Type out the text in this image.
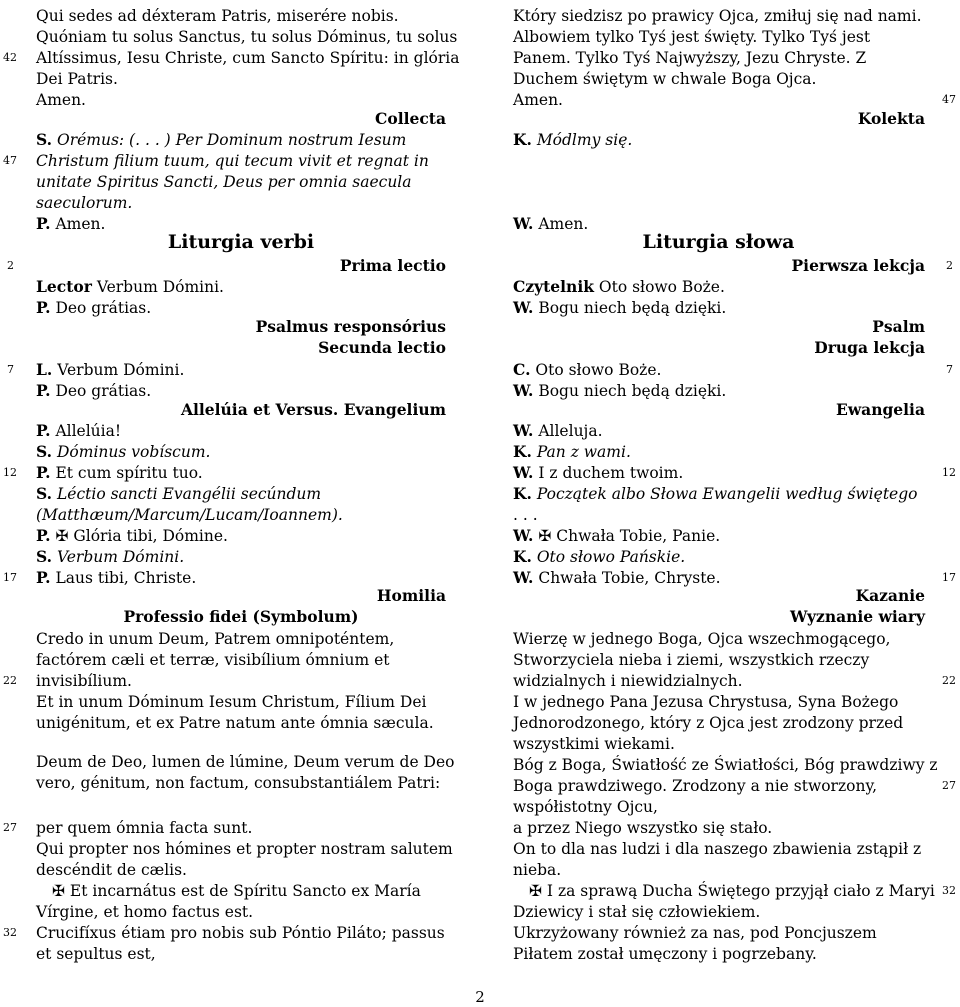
Qui sedes ad déxteram Patris, miserére nobis.
Quóniam tu solus Sanctus, tu solus Dóminus, tu solus
Altíssimus, Iesu Christe, cum Sancto Spíritu: in glória
Dei Patris.
Amen.
Collecta
S. Orémus: (. . . ) Per Dominum nostrum Iesum
Christum filium tuum, qui tecum vivit et regnat in
unitate Spiritus Sancti, Deus per omnia saecula
saeculorum.
P. Amen.
Liturgia verbi
Prima lectio
Lector Verbum Dómini.
P. Deo grátias.
Psalmus responsórius
Secunda lectio
L. Verbum Dómini.
P. Deo grátias.
Allelúia et Versus. Evangelium
P. Allelúia!
S. Dóminus vobíscum.
P. Et cum spíritu tuo.
S. Léctio sancti Evangélii secúndum
(Matthæum/Marcum/Lucam/Ioannem).
P. ✠ Glória tibi, Dómine.
S. Verbum Dómini.
P. Laus tibi, Christe.
Homilia
Professio fidei (Symbolum)
Credo in unum Deum, Patrem omnipoténtem,
factórem cæli et terræ, visibílium ómnium et
invisibílium.
Et in unum Dóminum Iesum Christum, Fílium Dei
unigénitum, et ex Patre natum ante ómnia sæcula.
Deum de Deo, lumen de lúmine, Deum verum de Deo
vero, génitum, non factum, consubstantiálem Patri:
per quem ómnia facta sunt.
Qui propter nos hómines et propter nostram salutem
descéndit de cælis.
✠ Et incarnátus est de Spíritu Sancto ex María
Vírgine, et homo factus est.
Crucifíxus étiam pro nobis sub Póntio Piláto; passus
et sepultus est,
42
47
2
7
12
17
22
27
32
Który siedzisz po prawicy Ojca, zmiłuj się nad nami.
Albowiem tylko Tyś jest święty. Tylko Tyś jest
Panem. Tylko Tyś Najwyższy, Jezu Chryste. Z
Duchem świętym w chwale Boga Ojca.
Amen.
Kolekta
K. Módlmy się.
W. Amen.
Liturgia słowa
Pierwsza lekcja
Czytelnik Oto słowo Boże.
W. Bogu niech będą dzięki.
Psalm
Druga lekcja
C. Oto słowo Boże.
W. Bogu niech będą dzięki.
Ewangelia
W. Alleluja.
K. Pan z wami.
W. I z duchem twoim.
K. Początek albo Słowa Ewangelii według świętego
. . .
W. ✠ Chwała Tobie, Panie.
K. Oto słowo Pańskie.
W. Chwała Tobie, Chryste.
Kazanie
Wyznanie wiary
Wierzę w jednego Boga, Ojca wszechmogącego,
Stworzyciela nieba i ziemi, wszystkich rzeczy
widzialnych i niewidzialnych.
I w jednego Pana Jezusa Chrystusa, Syna Bożego
Jednorodzonego, który z Ojca jest zrodzony przed
wszystkimi wiekami.
Bóg z Boga, Światłość ze Światłości, Bóg prawdziwy z
Boga prawdziwego. Zrodzony a nie stworzony,
współistotny Ojcu,
a przez Niego wszystko się stało.
On to dla nas ludzi i dla naszego zbawienia zstąpił z
nieba.
✠ I za sprawą Ducha Świętego przyjął ciało z Maryi
Dziewicy i stał się człowiekiem.
Ukrzyżowany również za nas, pod Poncjuszem
Piłatem został umęczony i pogrzebany.
47
2
7
12
17
22
27
32
2
